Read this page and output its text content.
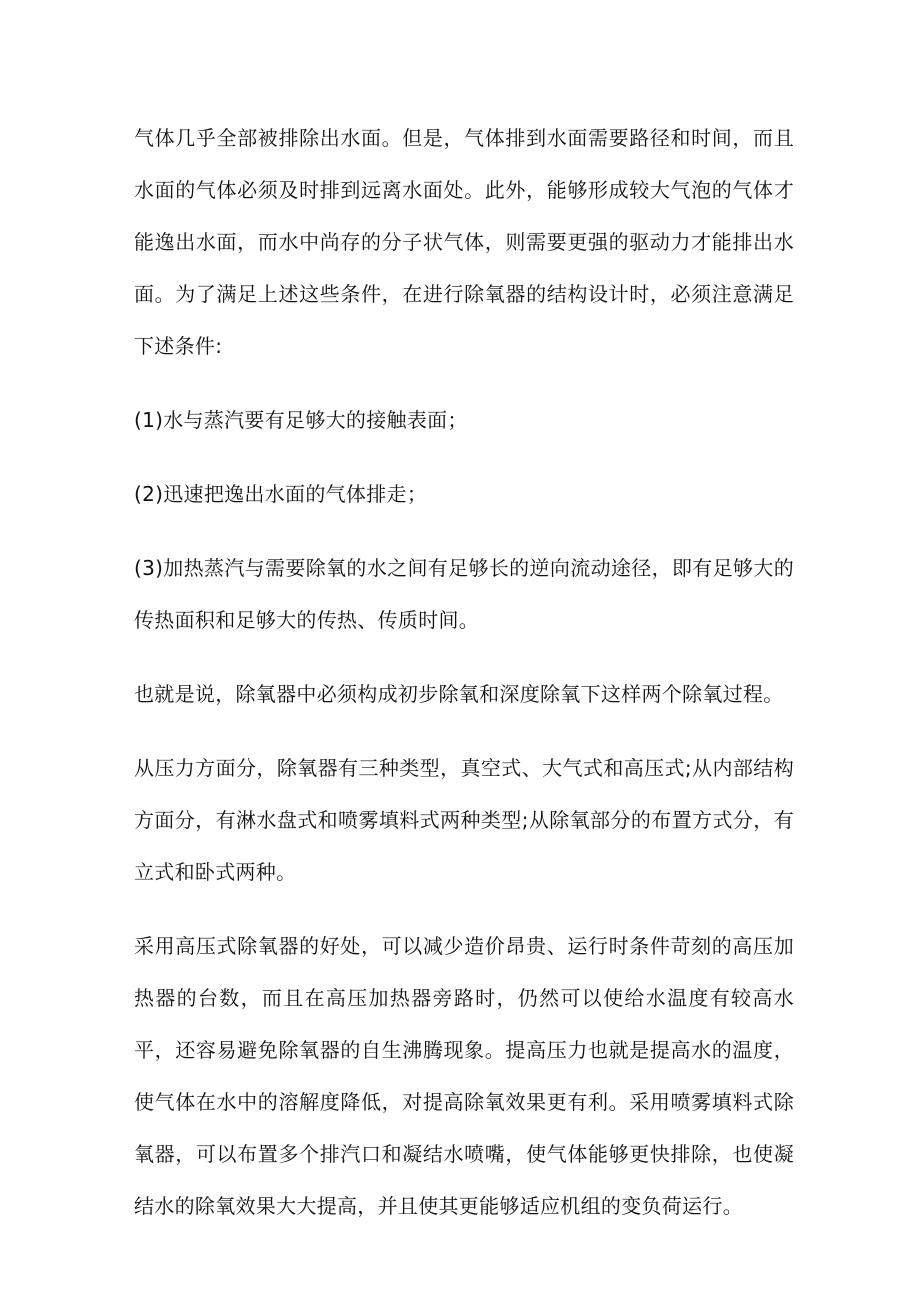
气体几乎全部被排除出水面。但是，气体排到水面需要路径和时间，而且水面的气体必须及时排到远离水面处。此外，能够形成较大气泡的气体才能逸出水面，而水中尚存的分子状气体，则需要更强的驱动力才能排出水面。为了满足上述这些条件，在进行除氧器的结构设计时，必须注意满足下述条件:

(1)水与蒸汽要有足够大的接触表面；

(2)迅速把逸出水面的气体排走；

(3)加热蒸汽与需要除氧的水之间有足够长的逆向流动途径，即有足够大的传热面积和足够大的传热、传质时间。

也就是说，除氧器中必须构成初步除氧和深度除氧下这样两个除氧过程。

从压力方面分，除氧器有三种类型，真空式、大气式和高压式;从内部结构方面分，有淋水盘式和喷雾填料式两种类型;从除氧部分的布置方式分，有立式和卧式两种。

采用高压式除氧器的好处，可以减少造价昂贵、运行时条件苛刻的高压加热器的台数，而且在高压加热器旁路时，仍然可以使给水温度有较高水平，还容易避免除氧器的自生沸腾现象。提高压力也就是提高水的温度，使气体在水中的溶解度降低，对提高除氧效果更有利。采用喷雾填料式除氧器，可以布置多个排汽口和凝结水喷嘴，使气体能够更快排除，也使凝结水的除氧效果大大提高，并且使其更能够适应机组的变负荷运行。
